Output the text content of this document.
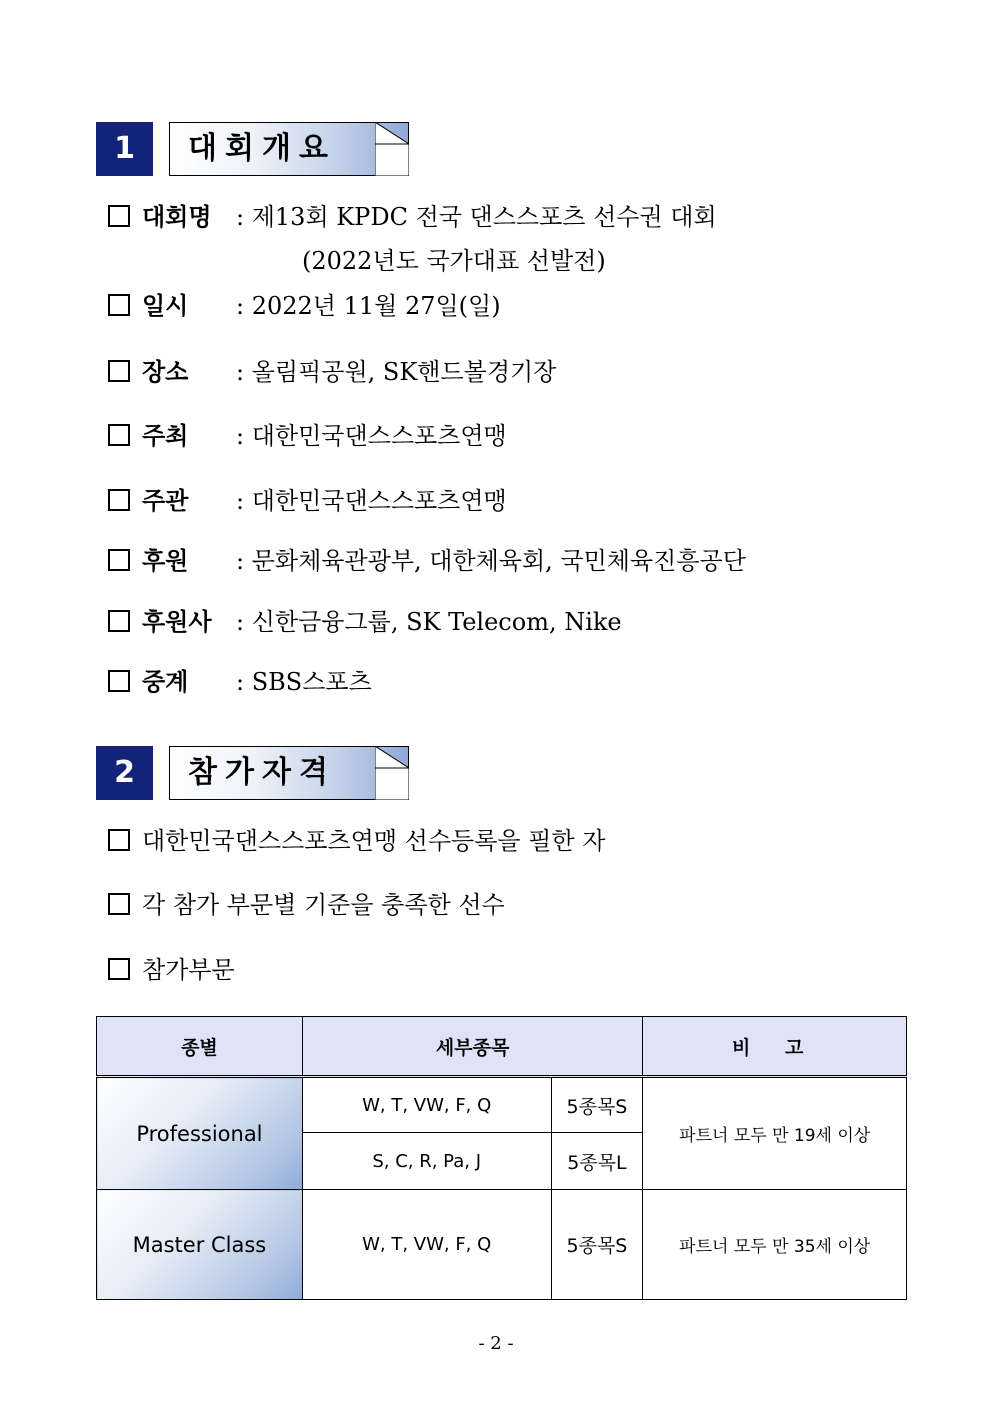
1	대회개요
대회명 : 제13회 KPDC 전국 댄스스포츠 선수권 대회
(2022년도 국가대표 선발전)
일시 : 2022년 11월 27일(일)
장소 : 올림픽공원, SK핸드볼경기장
주최 : 대한민국댄스스포츠연맹
주관 : 대한민국댄스스포츠연맹
후원 : 문화체육관광부, 대한체육회, 국민체육진흥공단
후원사 : 신한금융그룹, SK Telecom, Nike
중계 : SBS스포츠
2	참가자격
대한민국댄스스포츠연맹 선수등록을 필한 자
각 참가 부문별 기준을 충족한 선수
참가부문
종별	세부종목		비 고
Professional	W, T, VW, F, Q	5종목S	파트너 모두 만 19세 이상
	S, C, R, Pa, J	5종목L	
Master Class	W, T, VW, F, Q	5종목S	파트너 모두 만 35세 이상
- 2 -
